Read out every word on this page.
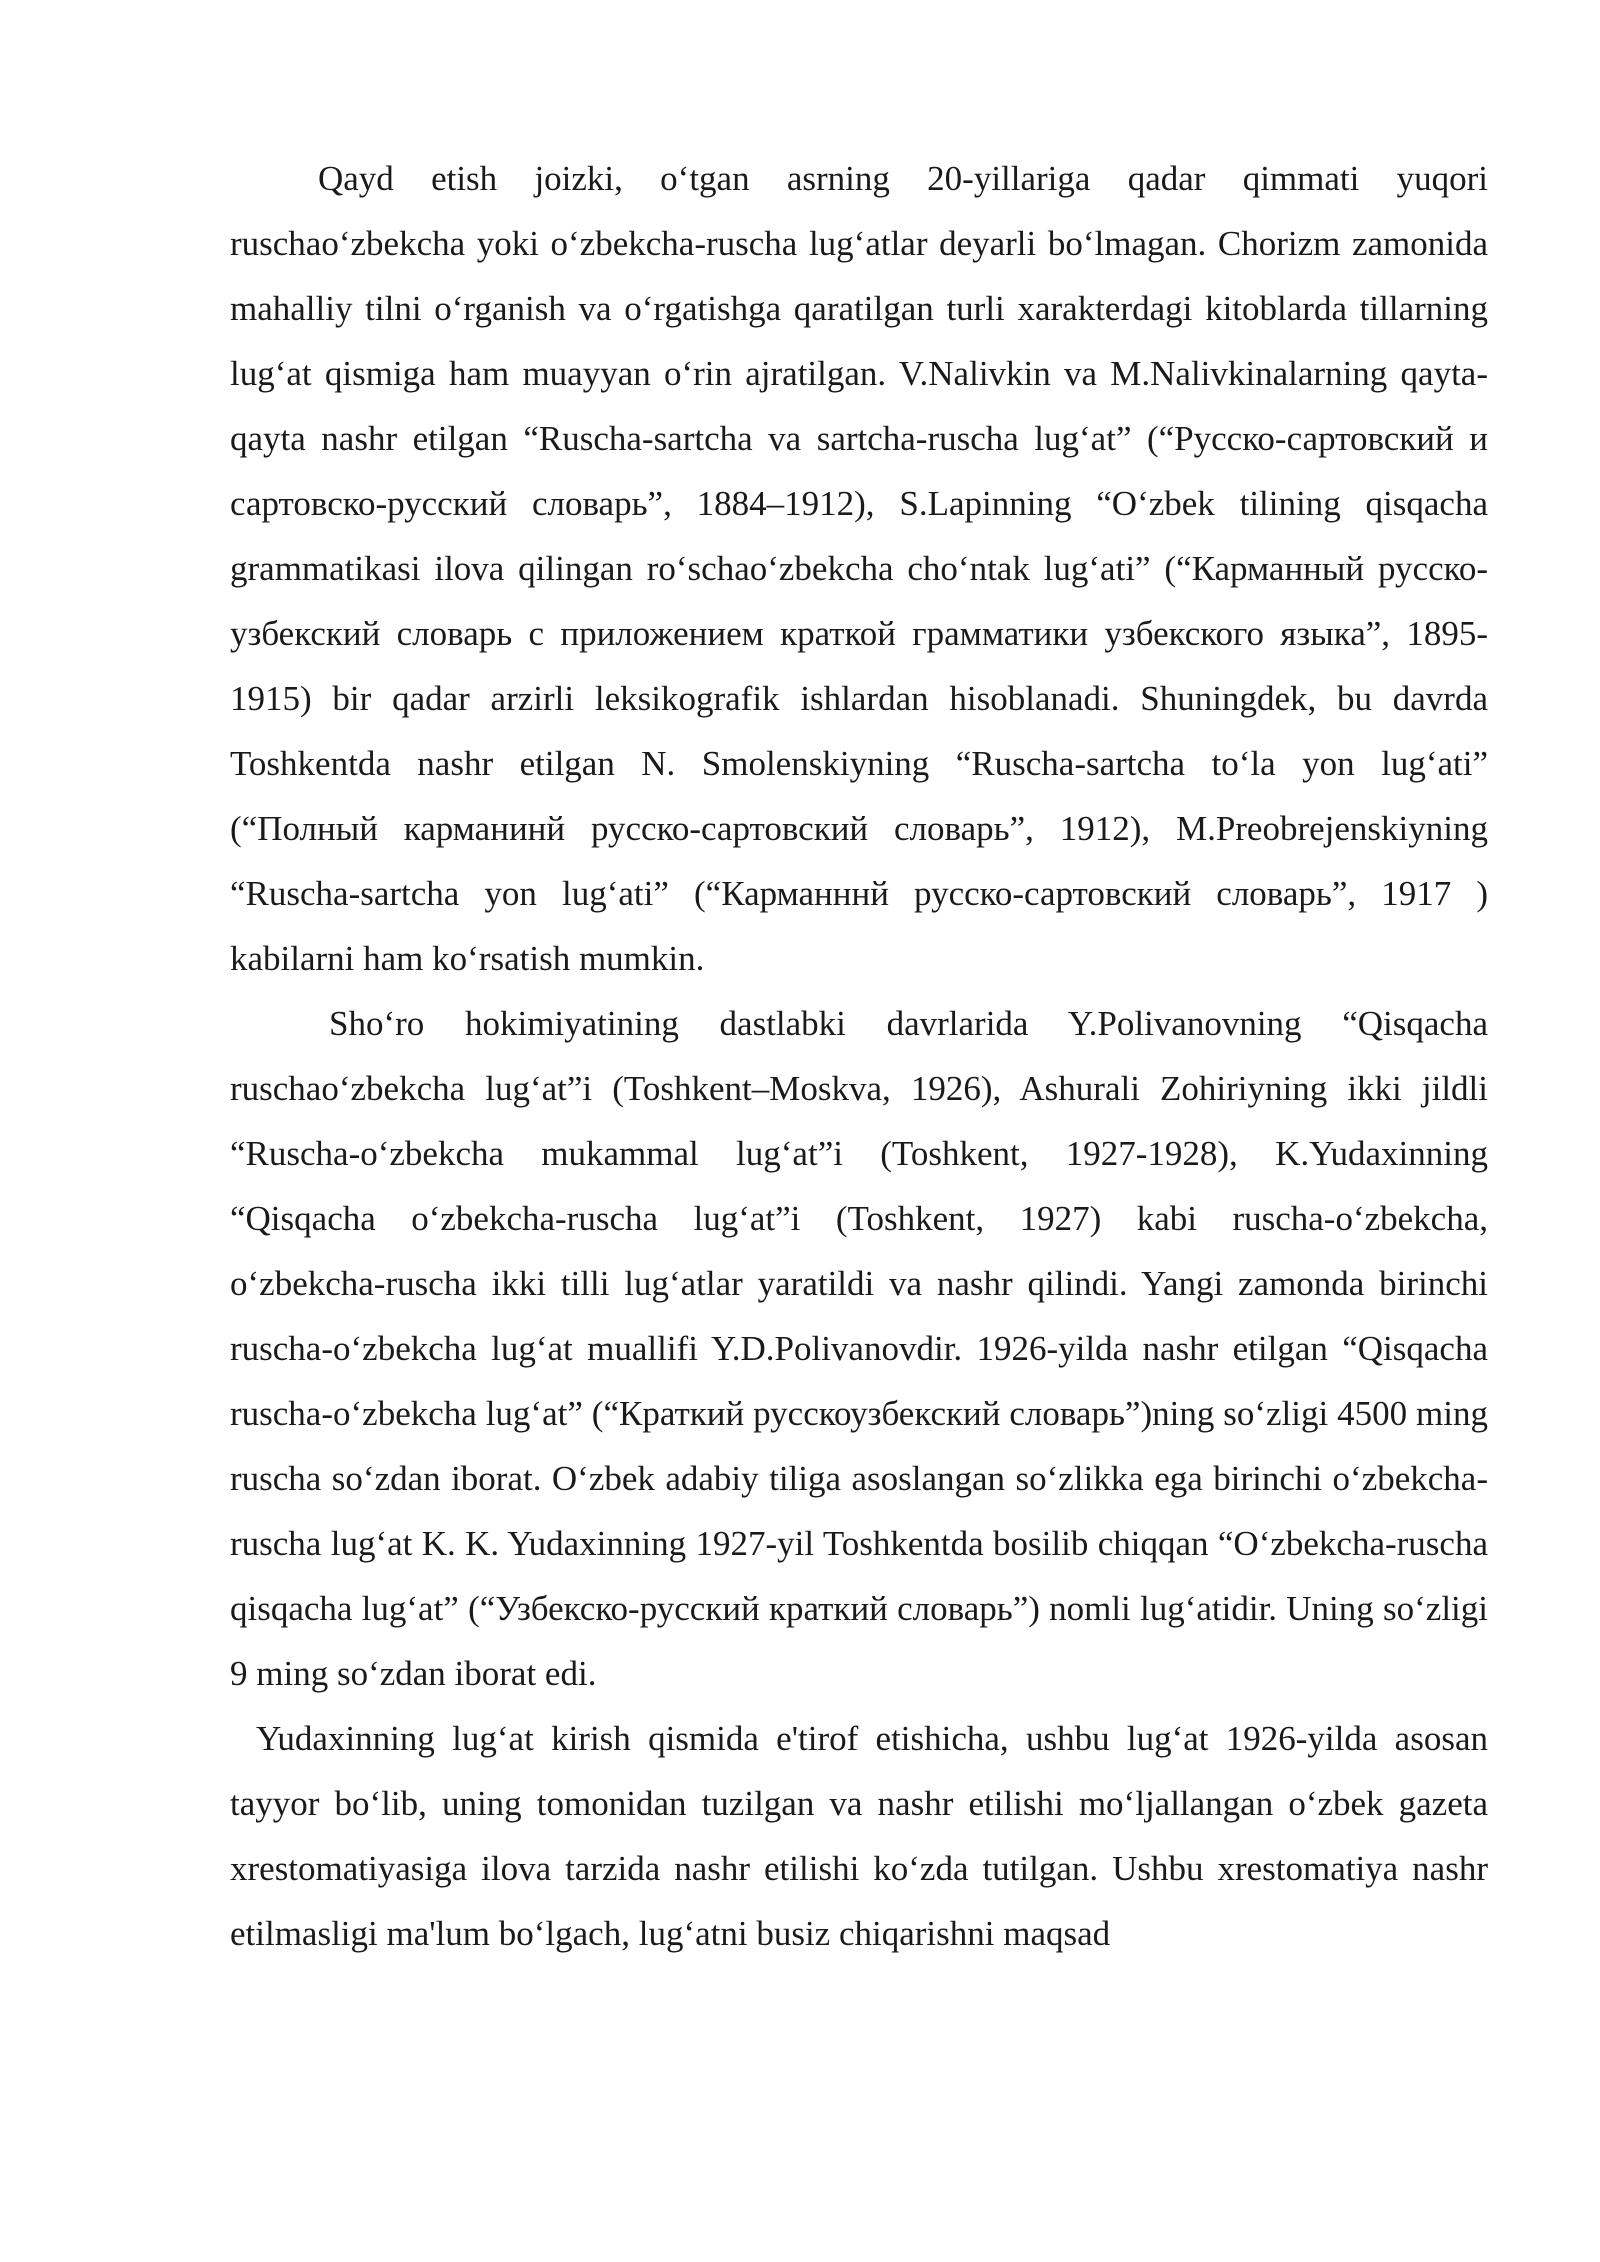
Qayd etish joizki, o‘tgan asrning 20-yillariga qadar qimmati yuqori ruschao‘zbekcha yoki o‘zbekcha-ruscha lug‘atlar deyarli bo‘lmagan. Chorizm zamonida mahalliy tilni o‘rganish va o‘rgatishga qaratilgan turli xarakterdagi kitoblarda tillarning lug‘at qismiga ham muayyan o‘rin ajratilgan. V.Nalivkin va M.Nalivkinalarning qayta-qayta nashr etilgan “Ruscha-sartcha va sartcha-ruscha lug‘at” (“Русско-сартовский и сартовско-русский словарь”, 1884–1912), S.Lapinning “O‘zbek tilining qisqacha grammatikasi ilova qilingan ro‘schao‘zbekcha cho‘ntak lug‘ati” (“Карманный русско-узбекский словарь с приложением краткой грамматики узбекского языка”, 1895-1915) bir qadar arzirli leksikografik ishlardan hisoblanadi. Shuningdek, bu davrda Toshkentda nashr etilgan N. Smolenskiyning “Ruscha-sartcha to‘la yon lug‘ati” (“Полный карманинй русско-сартовский словарь”, 1912), M.Preobrejenskiyning “Ruscha-sartcha yon lug‘ati” (“Карманннй русско-сартовский словарь”, 1917 ) kabilarni ham ko‘rsatish mumkin.

Sho‘ro hokimiyatining dastlabki davrlarida Y.Polivanovning “Qisqacha ruschao‘zbekcha lug‘at”i (Toshkent–Moskva, 1926), Ashurali Zohiriyning ikki jildli “Ruscha-o‘zbekcha mukammal lug‘at”i (Toshkent, 1927-1928), K.Yudaxinning “Qisqacha o‘zbekcha-ruscha lug‘at”i (Toshkent, 1927) kabi ruscha-o‘zbekcha, o‘zbekcha-ruscha ikki tilli lug‘atlar yaratildi va nashr qilindi. Yangi zamonda birinchi ruscha-o‘zbekcha lug‘at muallifi Y.D.Polivanovdir. 1926-yilda nashr etilgan “Qisqacha ruscha-o‘zbekcha lug‘at” (“Краткий русскоузбекский словарь”)ning so‘zligi 4500 ming ruscha so‘zdan iborat. O‘zbek adabiy tiliga asoslangan so‘zlikka ega birinchi o‘zbekcha-ruscha lug‘at K. K. Yudaxinning 1927-yil Toshkentda bosilib chiqqan “O‘zbekcha-ruscha qisqacha lug‘at” (“Узбекско-русский краткий словарь”) nomli lug‘atidir. Uning so‘zligi 9 ming so‘zdan iborat edi.

Yudaxinning lug‘at kirish qismida e'tirof etishicha, ushbu lug‘at 1926-yilda asosan tayyor bo‘lib, uning tomonidan tuzilgan va nashr etilishi mo‘ljallangan o‘zbek gazeta xrestomatiyasiga ilova tarzida nashr etilishi ko‘zda tutilgan. Ushbu xrestomatiya nashr etilmasligi ma'lum bo‘lgach, lug‘atni busiz chiqarishni maqsad
